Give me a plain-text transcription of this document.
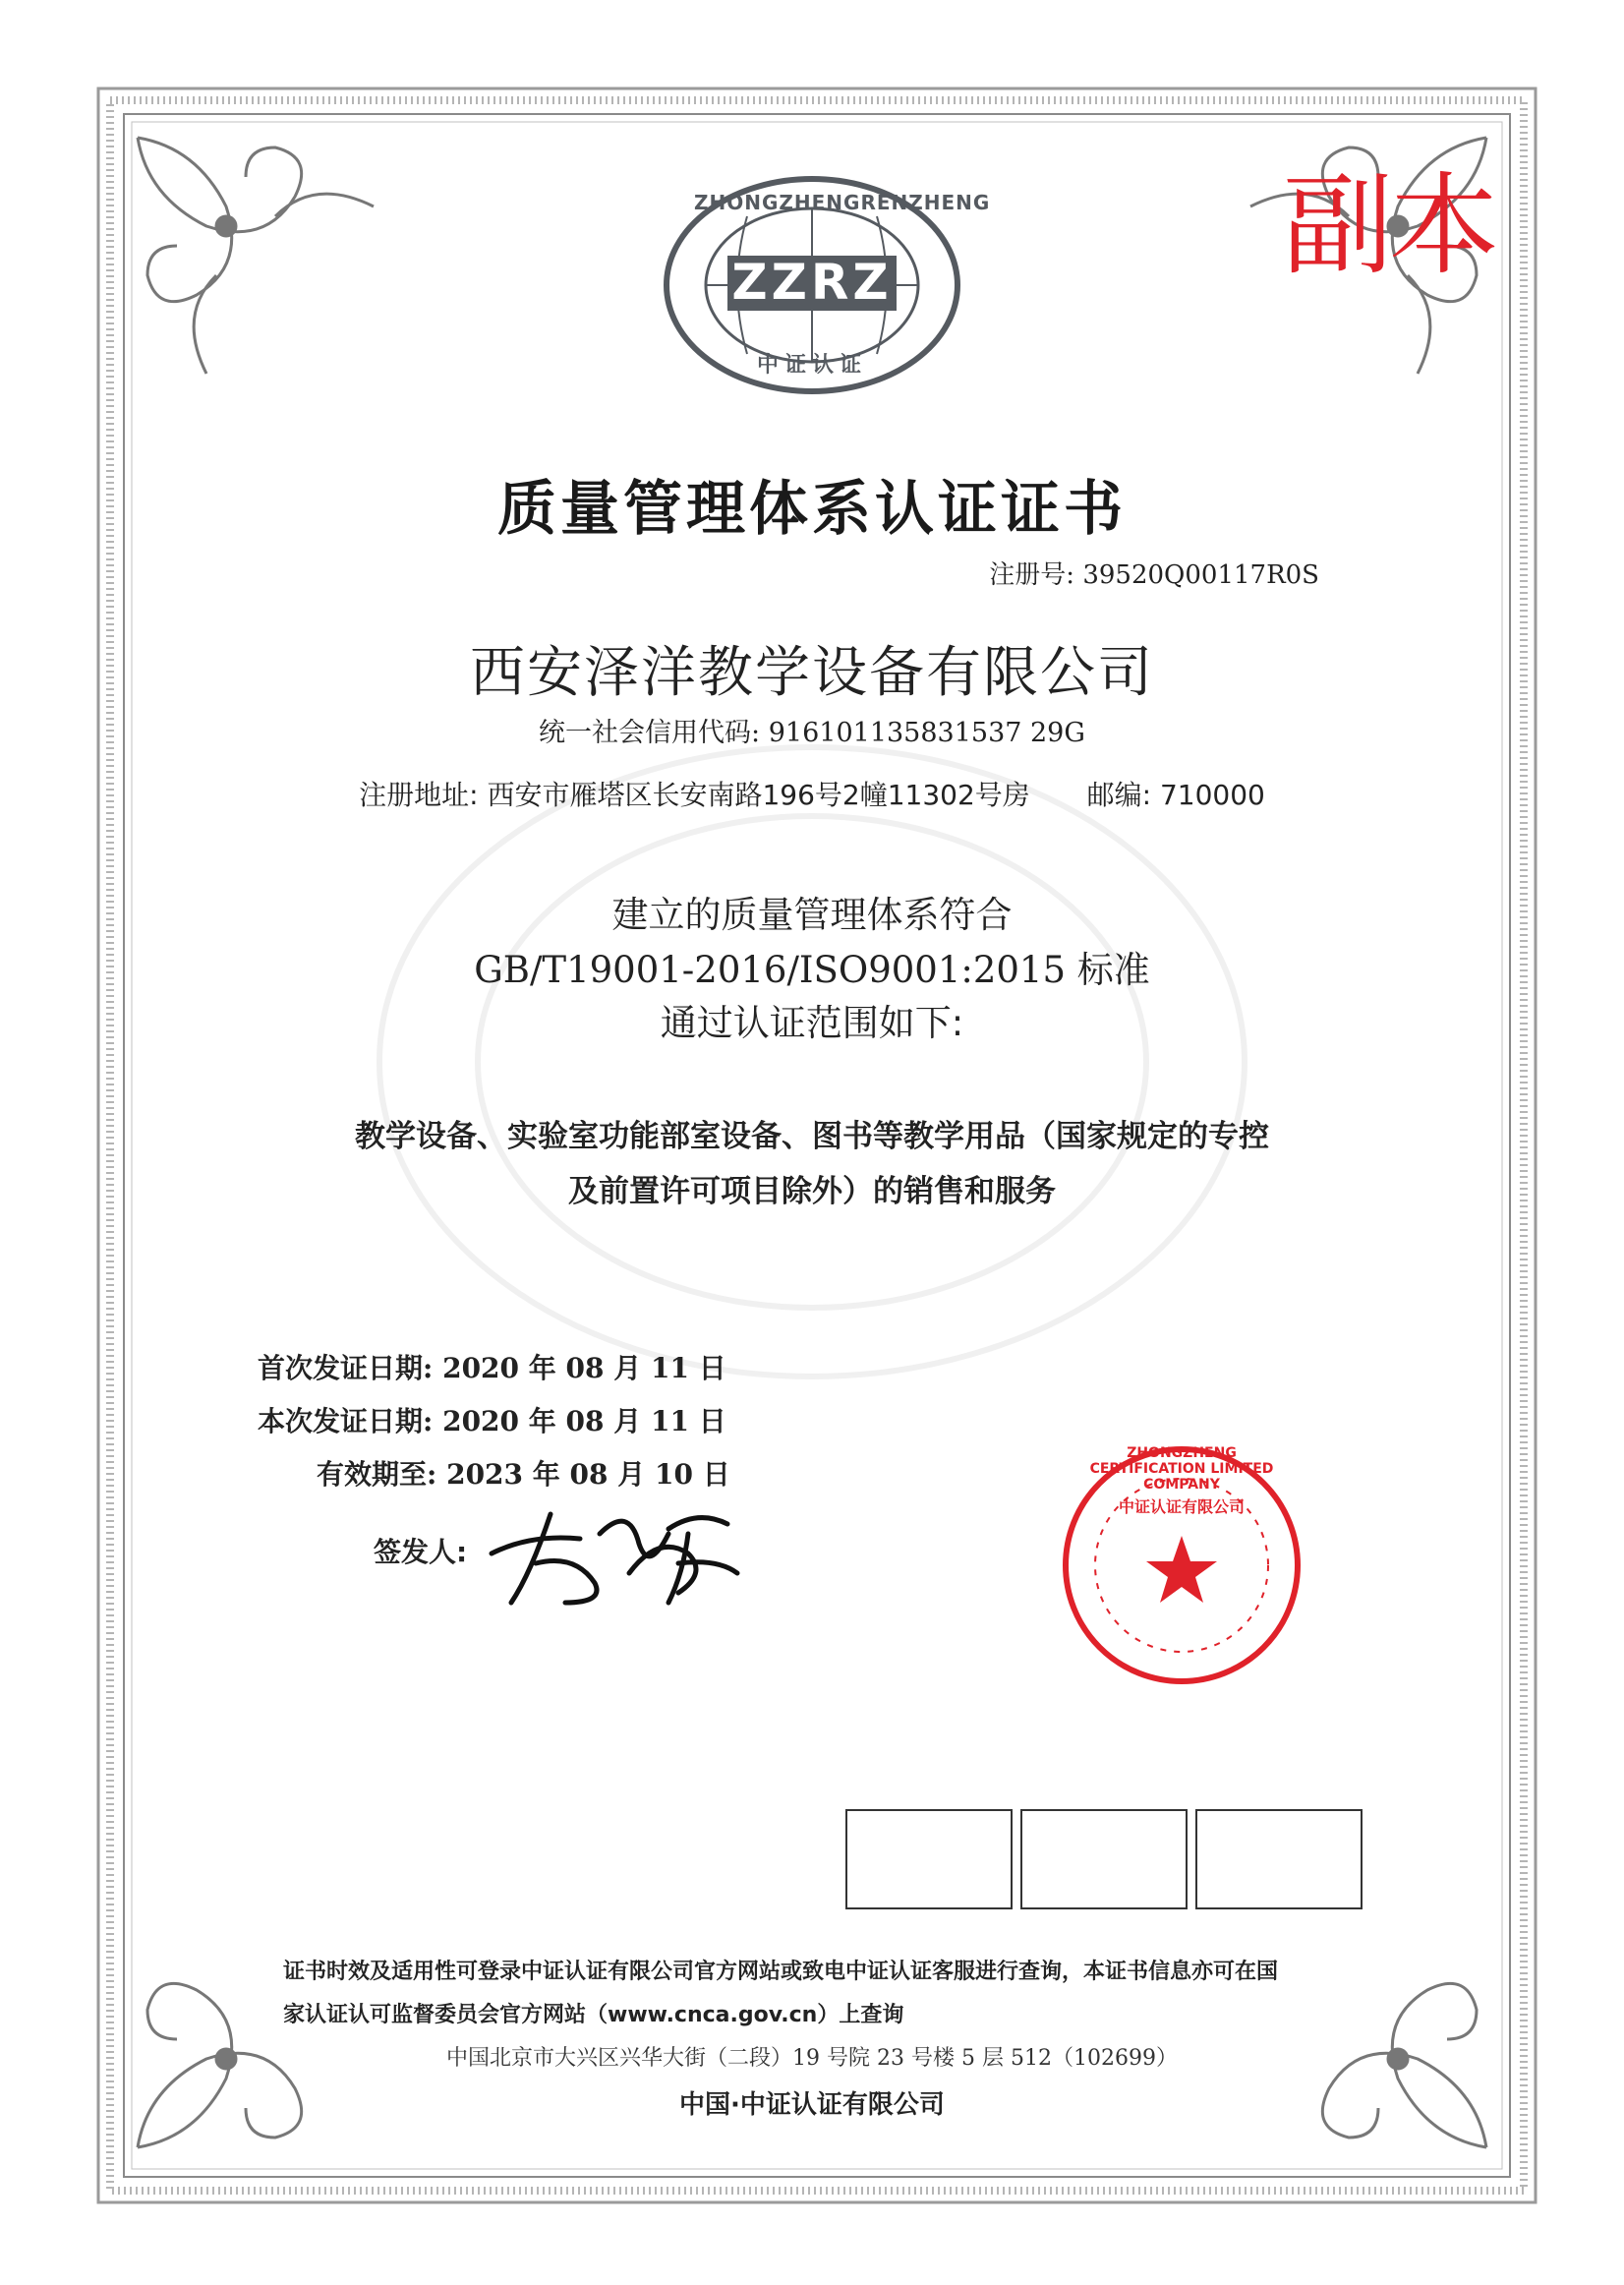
ZHONGZHENGRENZHENG
ZZRZ
中证认证
副本
质量管理体系认证证书
注册号: 39520Q00117R0S
西安泽洋教学设备有限公司
统一社会信用代码: 916101135831537 29G
注册地址: 西安市雁塔区长安南路196号2幢11302号房 邮编: 710000
建立的质量管理体系符合
GB/T19001-2016/ISO9001:2015 标准
通过认证范围如下:
教学设备、实验室功能部室设备、图书等教学用品（国家规定的专控
及前置许可项目除外）的销售和服务
首次发证日期: 2020 年 08 月 11 日
本次发证日期: 2020 年 08 月 11 日
有效期至: 2023 年 08 月 10 日
签发人:
ZHONGZHENG CERTIFICATION LIMITED COMPANY
中证认证有限公司
证书时效及适用性可登录中证认证有限公司官方网站或致电中证认证客服进行查询，本证书信息亦可在国
家认证认可监督委员会官方网站（www.cnca.gov.cn）上查询
中国北京市大兴区兴华大街（二段）19 号院 23 号楼 5 层 512（102699）
中国·中证认证有限公司
